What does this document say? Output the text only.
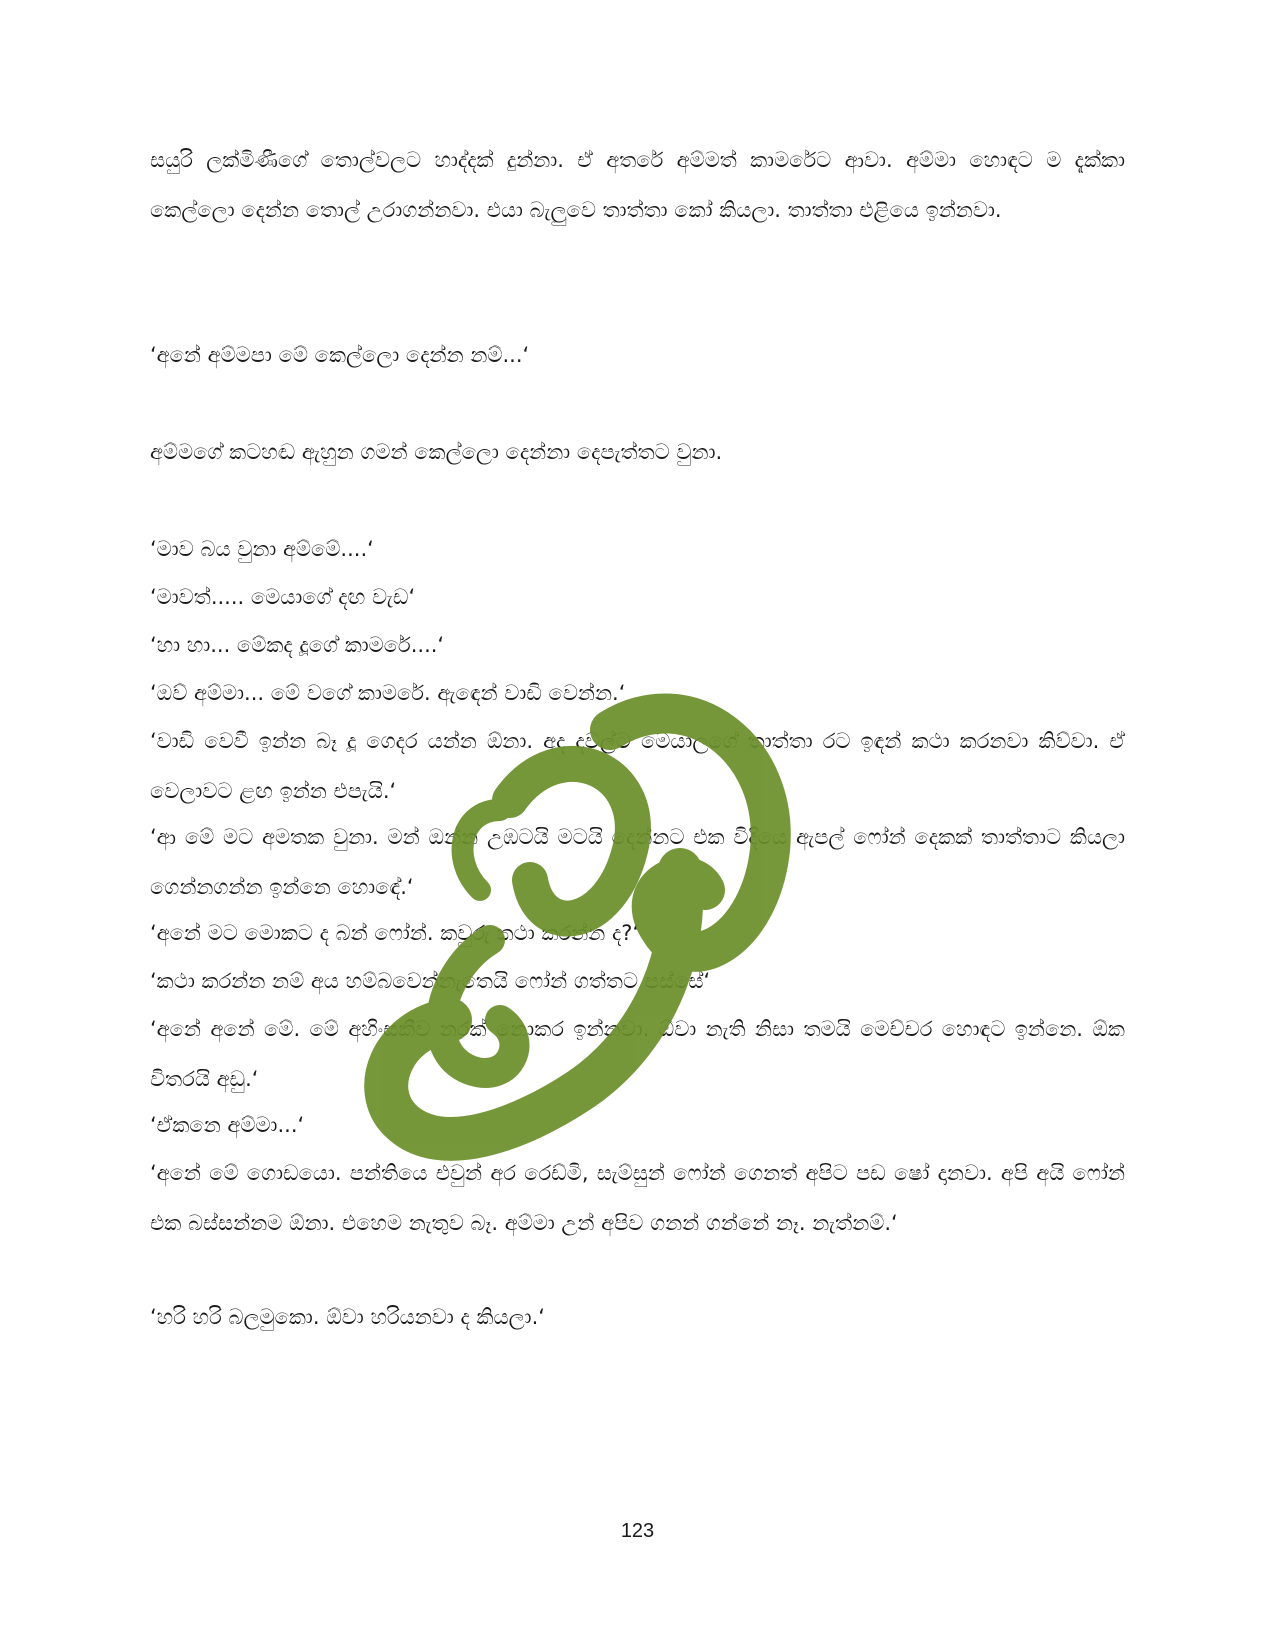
සයුරි ලක්මිණීගේ තොල්වලට හාද්දක් දුන්නා. ඒ අතරේ අම්මත් කාමරේට ආවා. අම්මා හොඳට ම දැක්කා කෙල්ලො දෙන්න තොල් උරාගන්නවා. එයා බැලුවෙ තාත්තා කෝ කියලා. තාත්තා එළියෙ ඉන්නවා.

‘අනේ අම්මපා මේ කෙල්ලො දෙන්න නම්...‘

අම්මගේ කටහඬ ඇහුන ගමන් කෙල්ලො දෙන්නා දෙපැත්තට වුනා.

‘මාව බය වුනා අම්මේ....‘

‘මාවත්..... මෙයාගේ දඟ වැඩ‘

‘හා හා... මේකද දූගේ කාමරේ....‘

‘ඔව් අම්මා... මේ වගේ කාමරේ. ඇඳෙන් වාඩි වෙන්න.‘

‘වාඩි වෙවී ඉන්න බෑ දූ ගෙදර යන්න ඕනා. අද දවල්ට මෙයාලගේ තාත්තා රට ඉඳන් කථා කරනවා කිව්වා. ඒ වෙලාවට ළඟ ඉන්න එපැයි.‘

‘ආ මේ මට අමතක වුනා. මන් ඔන්න උඹටයි මටයි දෙන්නට එක විදියෙ ඇපල් ෆෝන් දෙකක් තාත්තාට කියලා ගෙන්නගන්න ඉන්නෙ හොඳේ.‘

‘අනේ මට මොකට ද බන් ෆෝන්. කවුරු කථා කරන්න ද?‘

‘කථා කරන්න නම් අය හම්බවෙන්නැතෙයි ෆෝන් ගත්තට පස්සේ‘

‘අනේ අනේ මේ. මේ අහිංසකීව නරක් නොකර ඉන්නවා. ඕවා නැති නිසා තමයි මෙච්චර හොඳට ඉන්නෙ. ඕක විතරයි අඩු.‘

‘ඒකනෙ අම්මා...‘

‘අනේ මේ ගොඩයො. පන්තියෙ එවුන් අර රෙඩ්මි, සැම්සුන් ෆෝන් ගෙනත් අපිට පඩ ෂෝ දානවා. අපි අයි ෆෝන් එක බස්සන්නම ඕනා. එහෙම නැතුව බෑ. අම්මා උන් අපිව ගනන් ගන්නේ නෑ. නැත්නම්.‘

‘හරි හරි බලමුකො. ඕවා හරියනවා ද කියලා.‘

123
